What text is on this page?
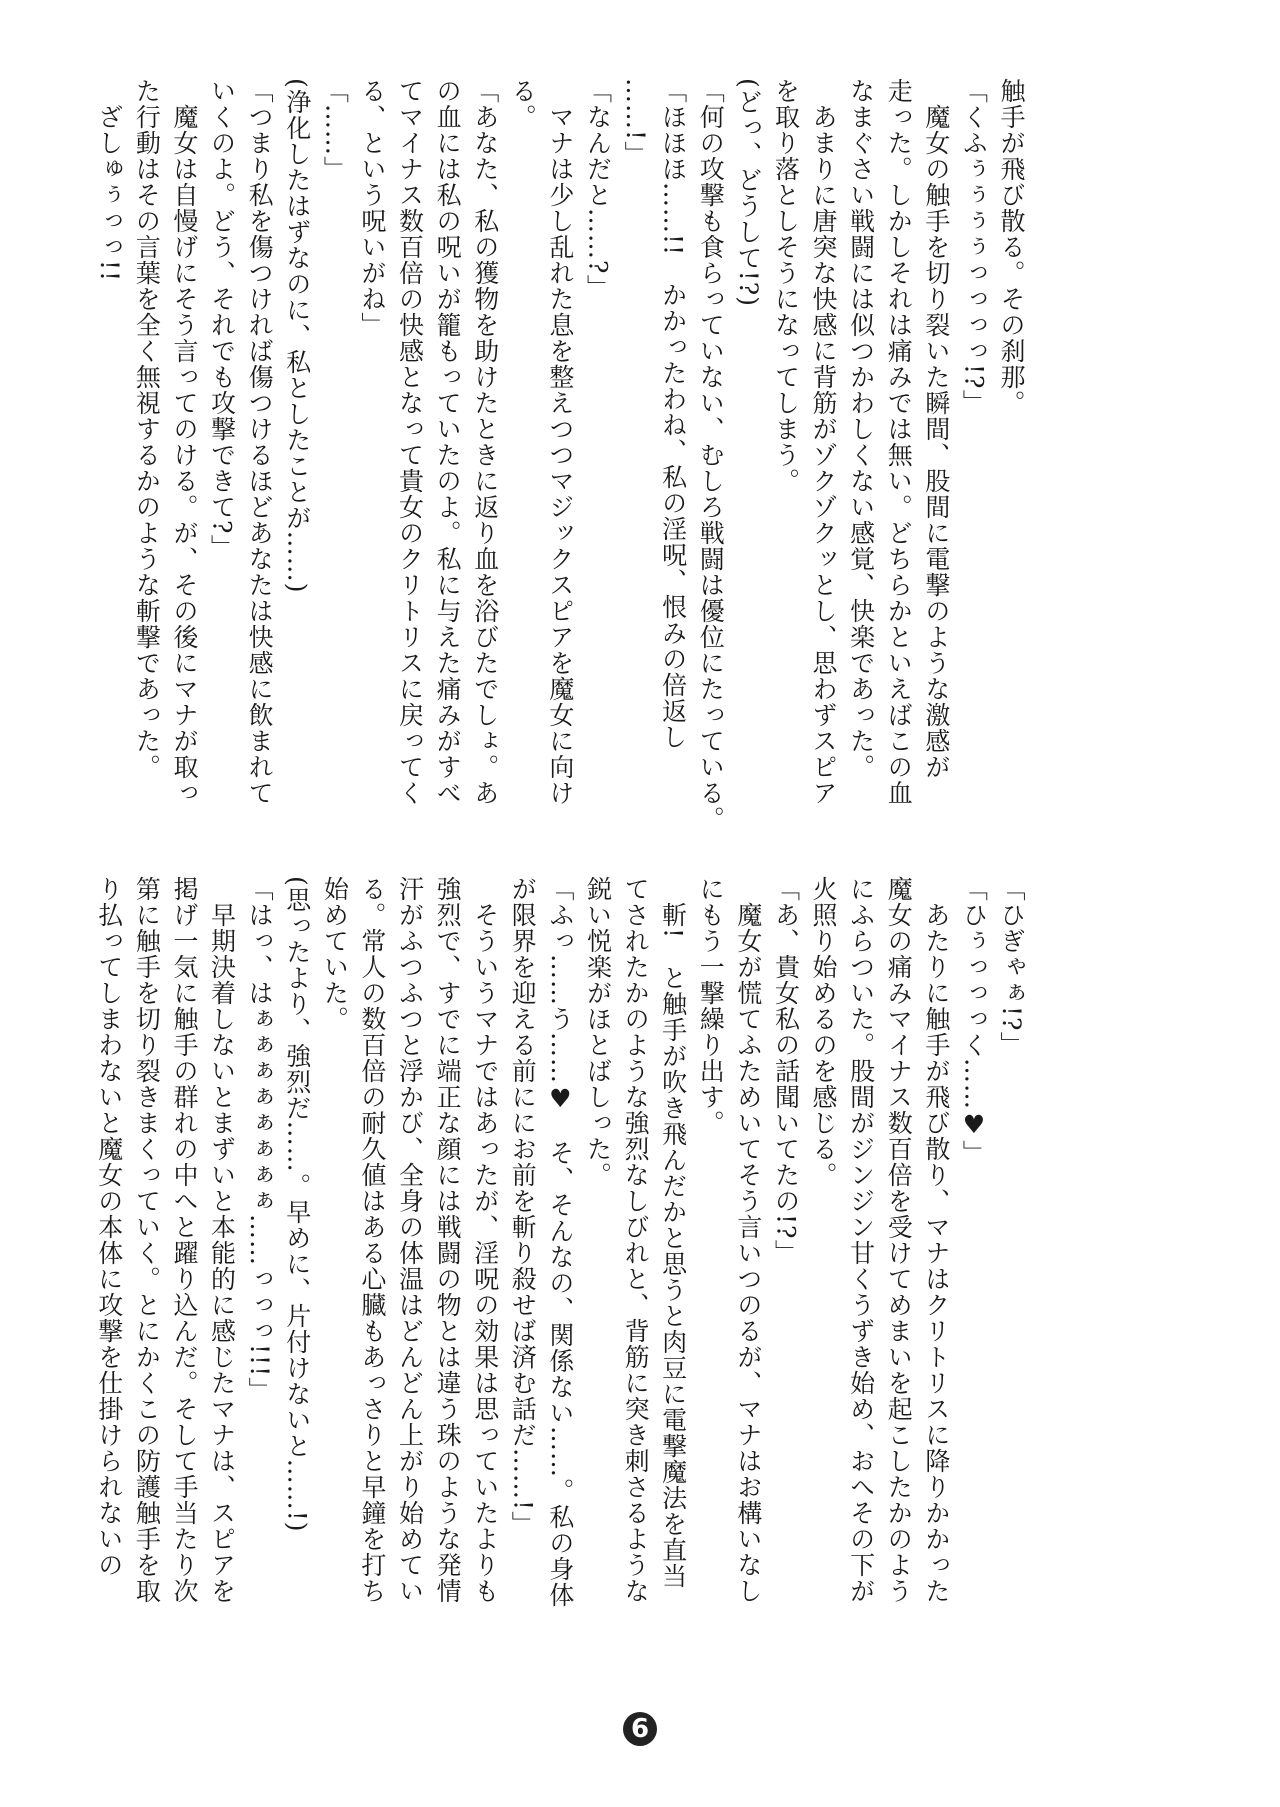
触手が飛び散る。その刹那。
「くふぅぅぅぅっっっっ!?」
　魔女の触手を切り裂いた瞬間、股間に電撃のような激感が
走った。しかしそれは痛みでは無い。どちらかといえばこの血
なまぐさい戦闘には似つかわしくない感覚、快楽であった。
　あまりに唐突な快感に背筋がゾクゾクッとし、思わずスピア
を取り落としそうになってしまう。
(どっ、どうして!?)
「何の攻撃も食らっていない、むしろ戦闘は優位にたっている。
「ほほほ……!!　かかったわね、私の淫呪、恨みの倍返し
……!」
「なんだと……?」
　マナは少し乱れた息を整えつつマジックスピアを魔女に向け
る。
「あなた、私の獲物を助けたときに返り血を浴びたでしょ。あ
の血には私の呪いが籠もっていたのよ。私に与えた痛みがすべ
てマイナス数百倍の快感となって貴女のクリトリスに戻ってく
る、という呪いがね」
「……」
(浄化したはずなのに、私としたことが……)
「つまり私を傷つければ傷つけるほどあなたは快感に飲まれて
いくのよ。どう、それでも攻撃できて?」
　魔女は自慢げにそう言ってのける。が、その後にマナが取っ
た行動はその言葉を全く無視するかのような斬撃であった。
　ざしゅぅっっ!!
「ひぎゃぁ!?」
「ひぅっっっく……♥」
　あたりに触手が飛び散り、マナはクリトリスに降りかかった
魔女の痛みマイナス数百倍を受けてめまいを起こしたかのよう
にふらついた。股間がジンジン甘くうずき始め、おへその下が
火照り始めるのを感じる。
「あ、貴女私の話聞いてたの!?」
　魔女が慌てふためいてそう言いつのるが、マナはお構いなし
にもう一撃繰り出す。
　斬!　と触手が吹き飛んだかと思うと肉豆に電撃魔法を直当
てされたかのような強烈なしびれと、背筋に突き刺さるような
鋭い悦楽がほとばしった。
「ふっ……う……♥　そ、そんなの、関係ない……。私の身体
が限界を迎える前ににお前を斬り殺せば済む話だ……!」
　そういうマナではあったが、淫呪の効果は思っていたよりも
強烈で、すでに端正な顔には戦闘の物とは違う珠のような発情
汗がふつふつと浮かび、全身の体温はどんどん上がり始めてい
る。常人の数百倍の耐久値はある心臓もあっさりと早鐘を打ち
始めていた。
(思ったより、強烈だ……。早めに、片付けないと……!)
「はっ、はぁぁぁぁぁぁぁぁ……っっっ!!!」
　早期決着しないとまずいと本能的に感じたマナは、スピアを
掲げ一気に触手の群れの中へと躍り込んだ。そして手当たり次
第に触手を切り裂きまくっていく。とにかくこの防護触手を取
り払ってしまわないと魔女の本体に攻撃を仕掛けられないの
6
